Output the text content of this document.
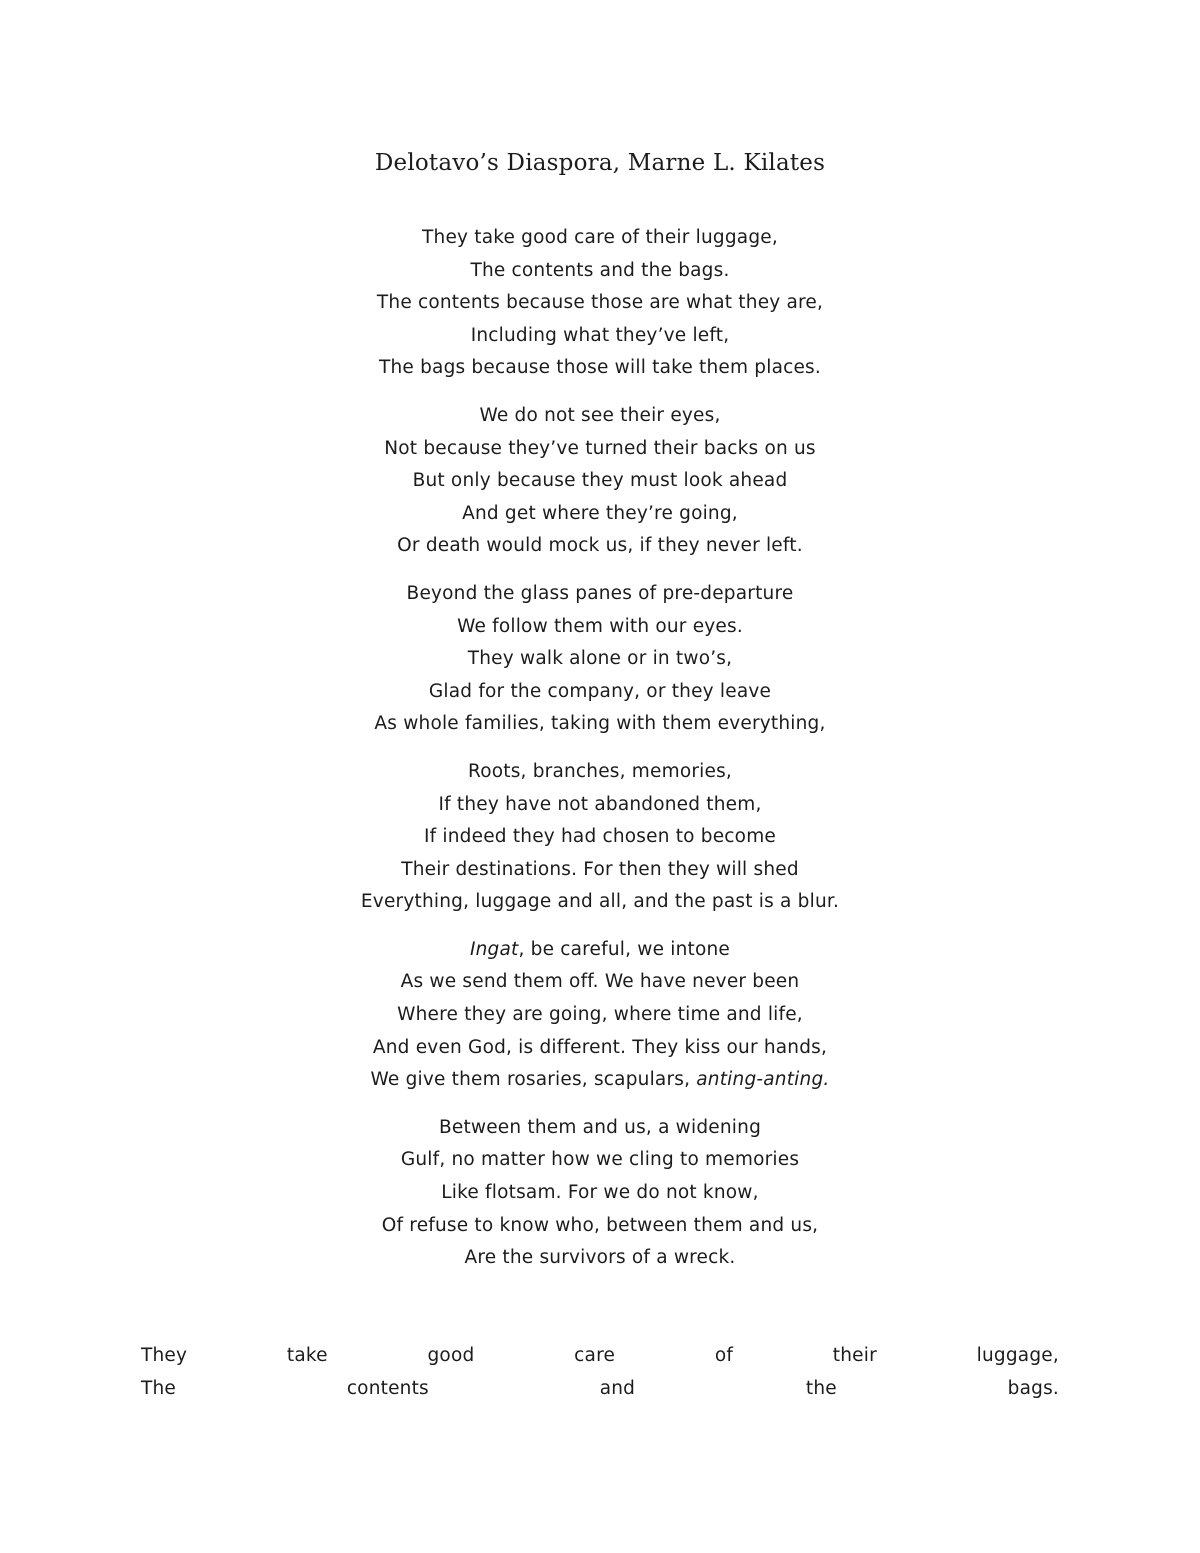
Delotavo’s Diaspora, Marne L. Kilates
They take good care of their luggage,
The contents and the bags.
The contents because those are what they are,
Including what they’ve left,
The bags because those will take them places.
We do not see their eyes,
Not because they’ve turned their backs on us
But only because they must look ahead
And get where they’re going,
Or death would mock us, if they never left.
Beyond the glass panes of pre-departure
We follow them with our eyes.
They walk alone or in two’s,
Glad for the company, or they leave
As whole families, taking with them everything,
Roots, branches, memories,
If they have not abandoned them,
If indeed they had chosen to become
Their destinations. For then they will shed
Everything, luggage and all, and the past is a blur.
Ingat, be careful, we intone
As we send them off. We have never been
Where they are going, where time and life,
And even God, is different. They kiss our hands,
We give them rosaries, scapulars, anting-anting.
Between them and us, a widening
Gulf, no matter how we cling to memories
Like flotsam. For we do not know,
Of refuse to know who, between them and us,
Are the survivors of a wreck.
They	take	good	care	of	their	luggage,
The	contents	and	the	bags.
